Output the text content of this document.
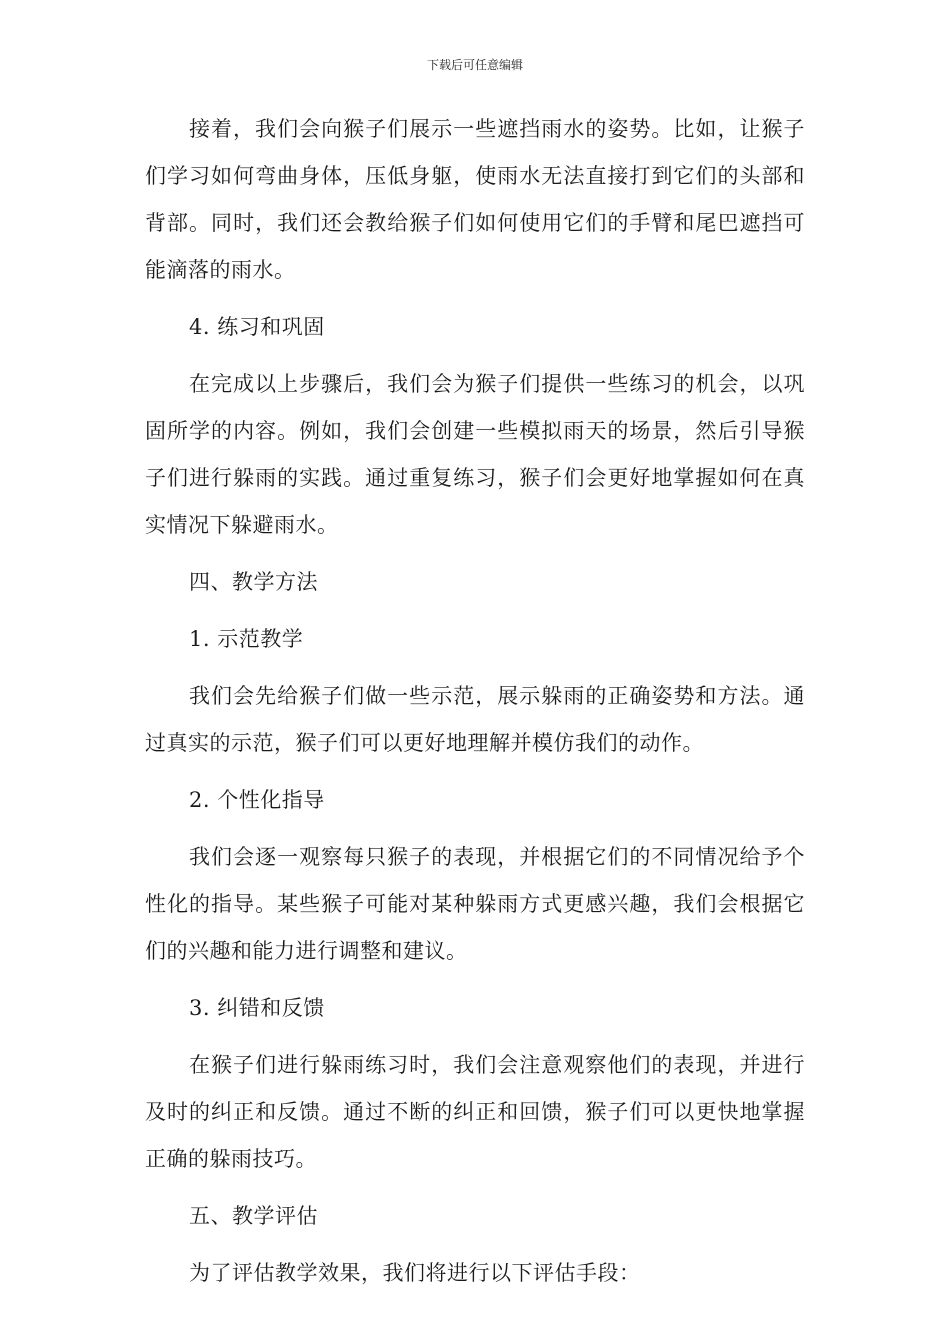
下载后可任意编辑

接着，我们会向猴子们展示一些遮挡雨水的姿势。比如，让猴子们学习如何弯曲身体，压低身躯，使雨水无法直接打到它们的头部和背部。同时，我们还会教给猴子们如何使用它们的手臂和尾巴遮挡可能滴落的雨水。

4. 练习和巩固

在完成以上步骤后，我们会为猴子们提供一些练习的机会，以巩固所学的内容。例如，我们会创建一些模拟雨天的场景，然后引导猴子们进行躲雨的实践。通过重复练习，猴子们会更好地掌握如何在真实情况下躲避雨水。

四、教学方法

1. 示范教学

我们会先给猴子们做一些示范，展示躲雨的正确姿势和方法。通过真实的示范，猴子们可以更好地理解并模仿我们的动作。

2. 个性化指导

我们会逐一观察每只猴子的表现，并根据它们的不同情况给予个性化的指导。某些猴子可能对某种躲雨方式更感兴趣，我们会根据它们的兴趣和能力进行调整和建议。

3. 纠错和反馈

在猴子们进行躲雨练习时，我们会注意观察他们的表现，并进行及时的纠正和反馈。通过不断的纠正和回馈，猴子们可以更快地掌握正确的躲雨技巧。

五、教学评估

为了评估教学效果，我们将进行以下评估手段：
